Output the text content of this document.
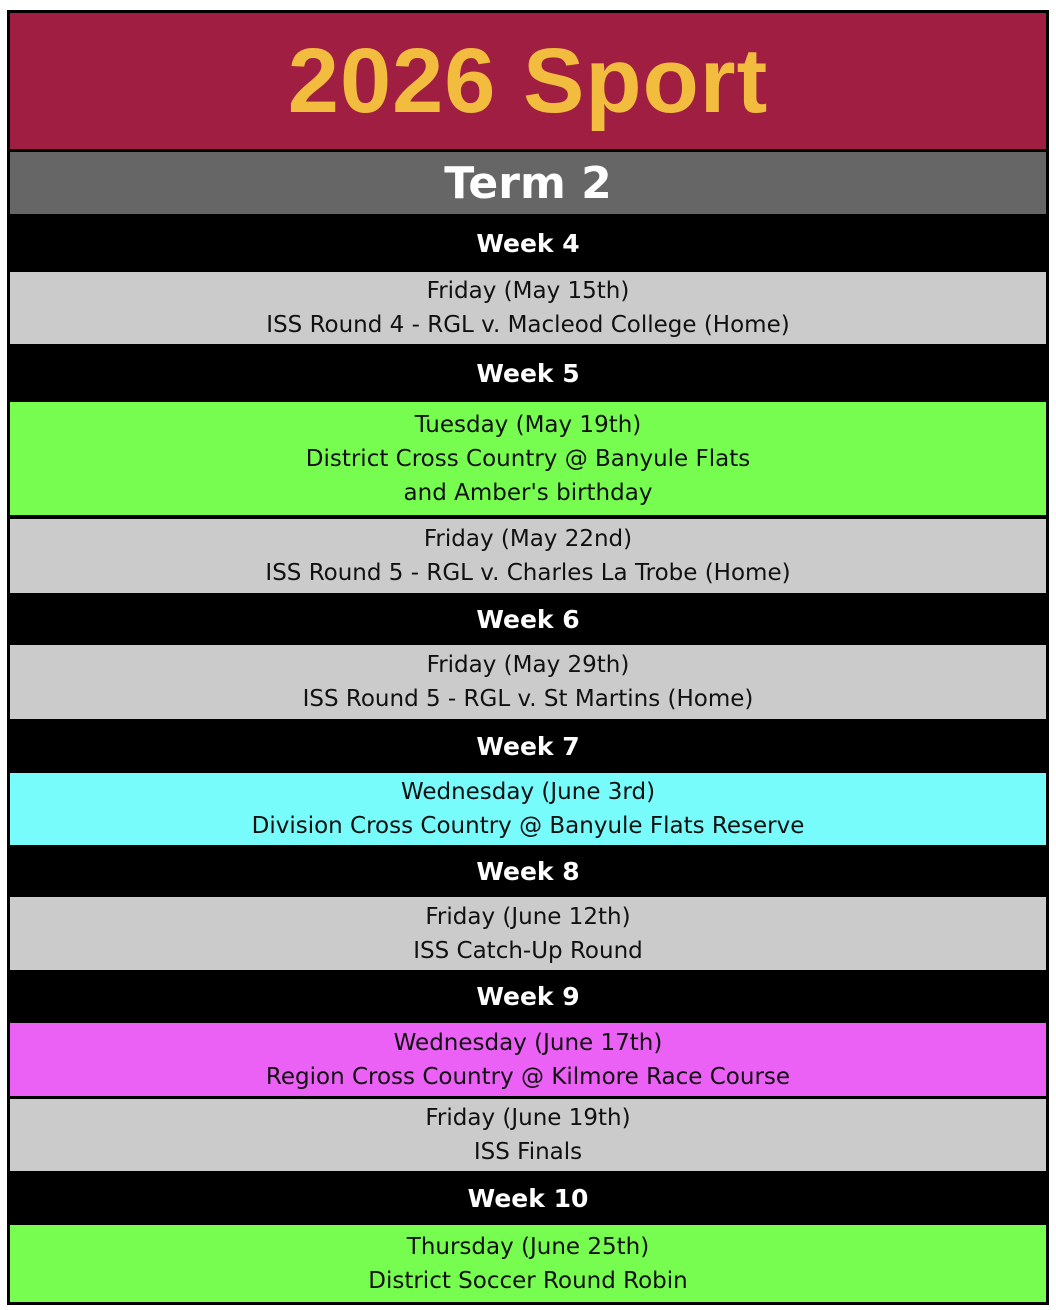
2026 Sport
Term 2
Week 4
Friday (May 15th)
ISS Round 4 - RGL v. Macleod College (Home)
Week 5
Tuesday (May 19th)
District Cross Country @ Banyule Flats
and Amber's birthday
Friday (May 22nd)
ISS Round 5 - RGL v. Charles La Trobe (Home)
Week 6
Friday (May 29th)
ISS Round 5 - RGL v. St Martins (Home)
Week 7
Wednesday (June 3rd)
Division Cross Country @ Banyule Flats Reserve
Week 8
Friday (June 12th)
ISS Catch-Up Round
Week 9
Wednesday (June 17th)
Region Cross Country @ Kilmore Race Course
Friday (June 19th)
ISS Finals
Week 10
Thursday (June 25th)
District Soccer Round Robin
